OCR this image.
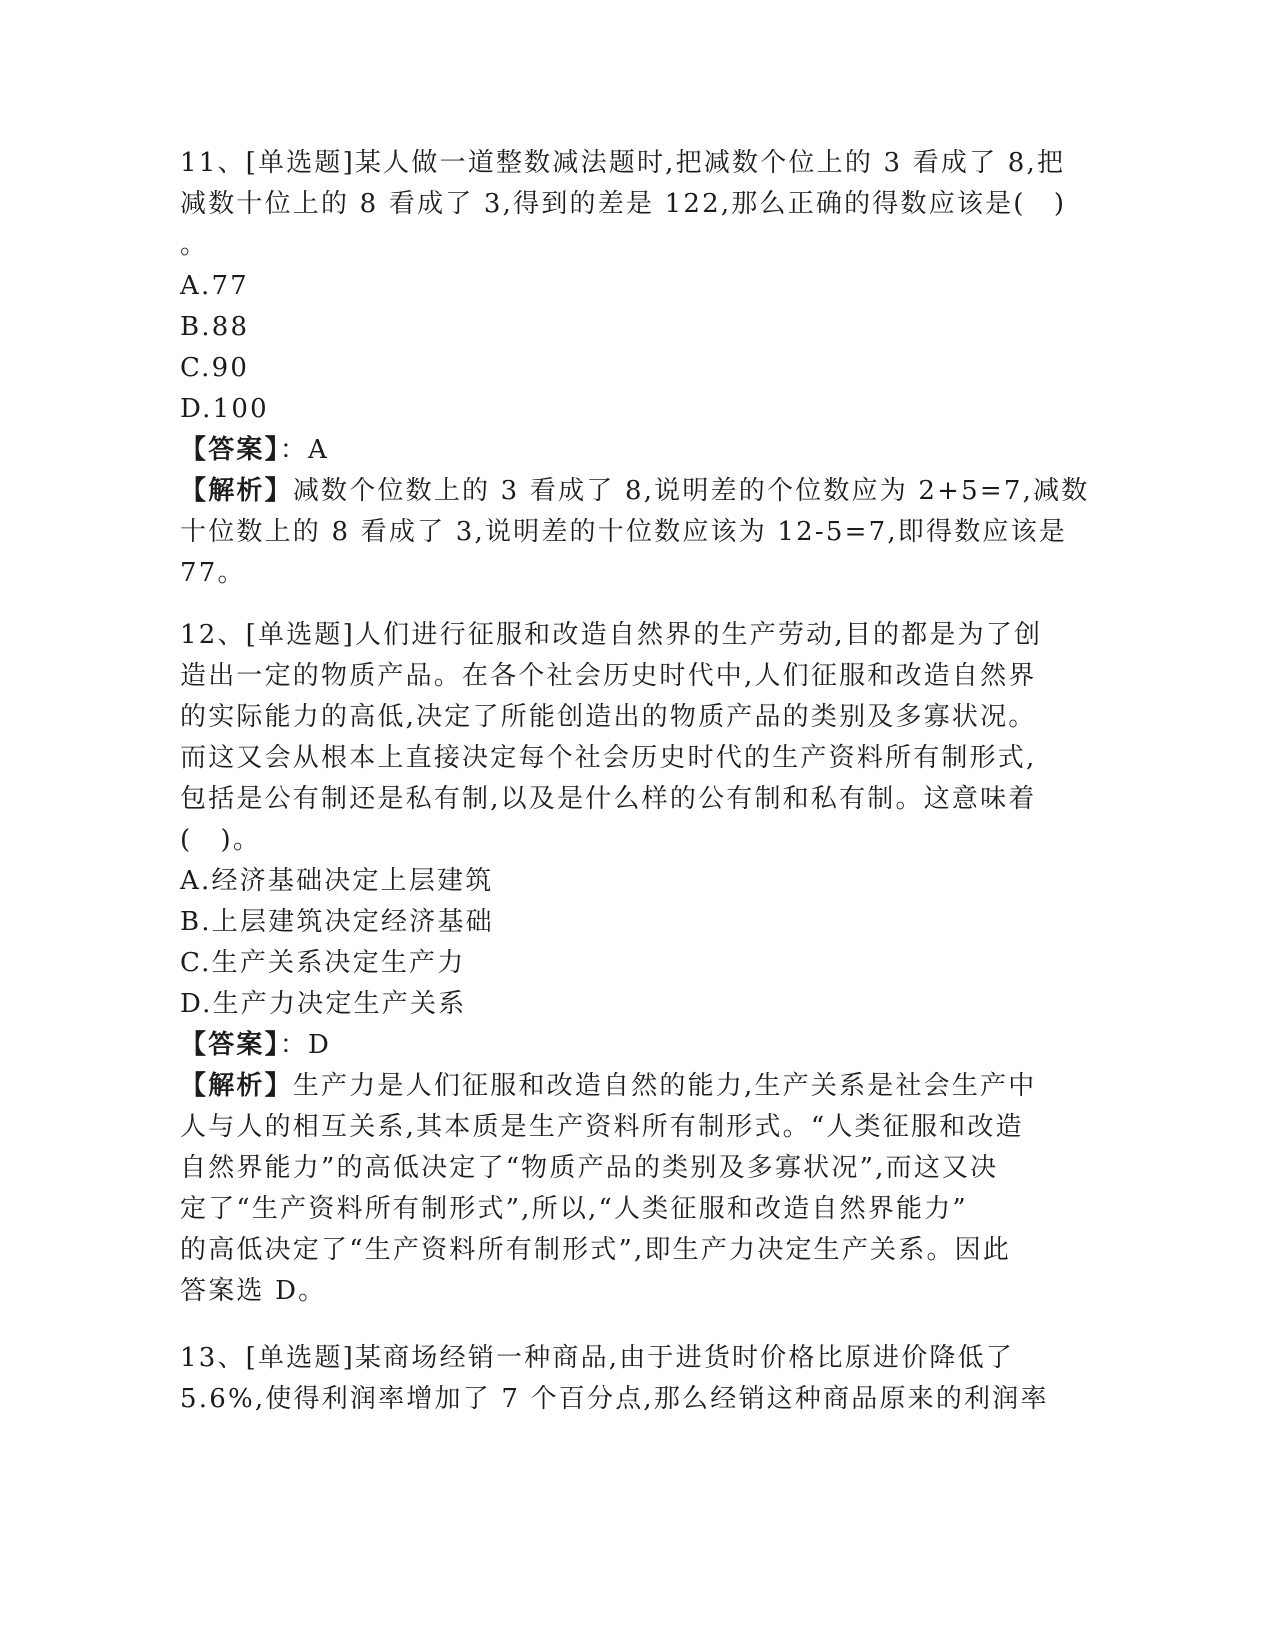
11、[单选题]某人做一道整数减法题时,把减数个位上的 3 看成了 8,把
减数十位上的 8 看成了 3,得到的差是 122,那么正确的得数应该是(　)
。
A.77
B.88
C.90
D.100
【答案】：A
【解析】减数个位数上的 3 看成了 8,说明差的个位数应为 2+5=7,减数
十位数上的 8 看成了 3,说明差的十位数应该为 12-5=7,即得数应该是
77。
12、[单选题]人们进行征服和改造自然界的生产劳动,目的都是为了创
造出一定的物质产品。在各个社会历史时代中,人们征服和改造自然界
的实际能力的高低,决定了所能创造出的物质产品的类别及多寡状况。
而这又会从根本上直接决定每个社会历史时代的生产资料所有制形式,
包括是公有制还是私有制,以及是什么样的公有制和私有制。这意味着
(　)。
A.经济基础决定上层建筑
B.上层建筑决定经济基础
C.生产关系决定生产力
D.生产力决定生产关系
【答案】：D
【解析】生产力是人们征服和改造自然的能力,生产关系是社会生产中
人与人的相互关系,其本质是生产资料所有制形式。“人类征服和改造
自然界能力”的高低决定了“物质产品的类别及多寡状况”,而这又决
定了“生产资料所有制形式”,所以,“人类征服和改造自然界能力”
的高低决定了“生产资料所有制形式”,即生产力决定生产关系。因此
答案选 D。
13、[单选题]某商场经销一种商品,由于进货时价格比原进价降低了
5.6%,使得利润率增加了 7 个百分点,那么经销这种商品原来的利润率
